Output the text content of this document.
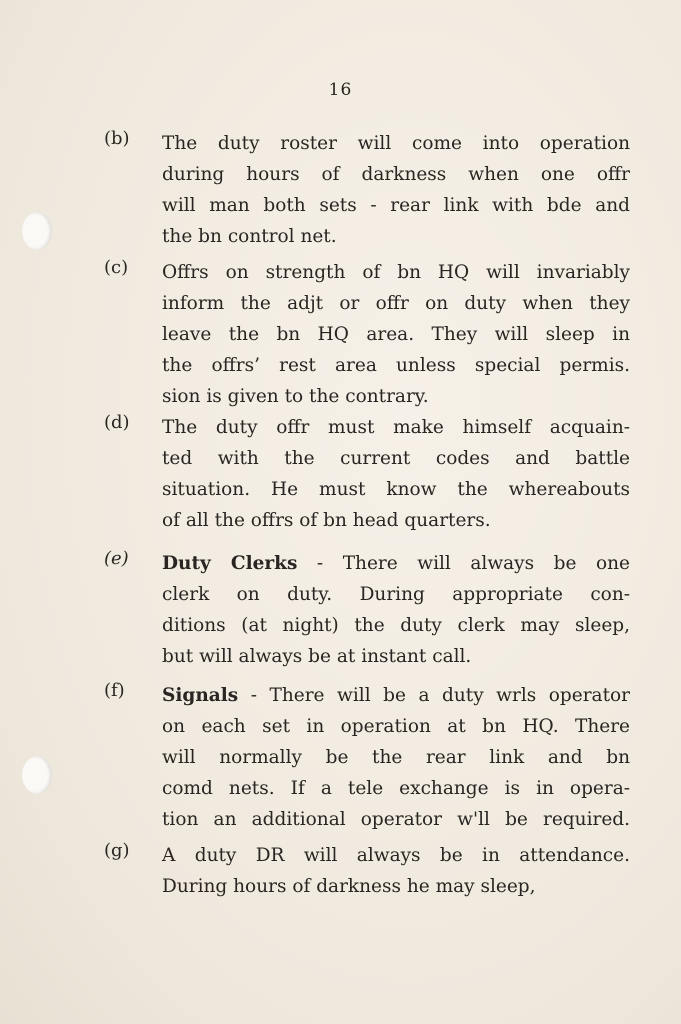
16
(b) The duty roster will come into operation
during hours of darkness when one offr
will man both sets - rear link with bde and
the bn control net.
(c) Offrs on strength of bn HQ will invariably
inform the adjt or offr on duty when they
leave the bn HQ area. They will sleep in
the offrs’ rest area unless special permis.
sion is given to the contrary.
(d) The duty offr must make himself acquain-
ted with the current codes and battle
situation. He must know the whereabouts
of all the offrs of bn head quarters.
(e) Duty Clerks - There will always be one
clerk on duty. During appropriate con-
ditions (at night) the duty clerk may sleep,
but will always be at instant call.
(f) Signals - There will be a duty wrls operator
on each set in operation at bn HQ. There
will normally be the rear link and bn
comd nets. If a tele exchange is in opera-
tion an additional operator w'll be required.
(g) A duty DR will always be in attendance.
During hours of darkness he may sleep,
